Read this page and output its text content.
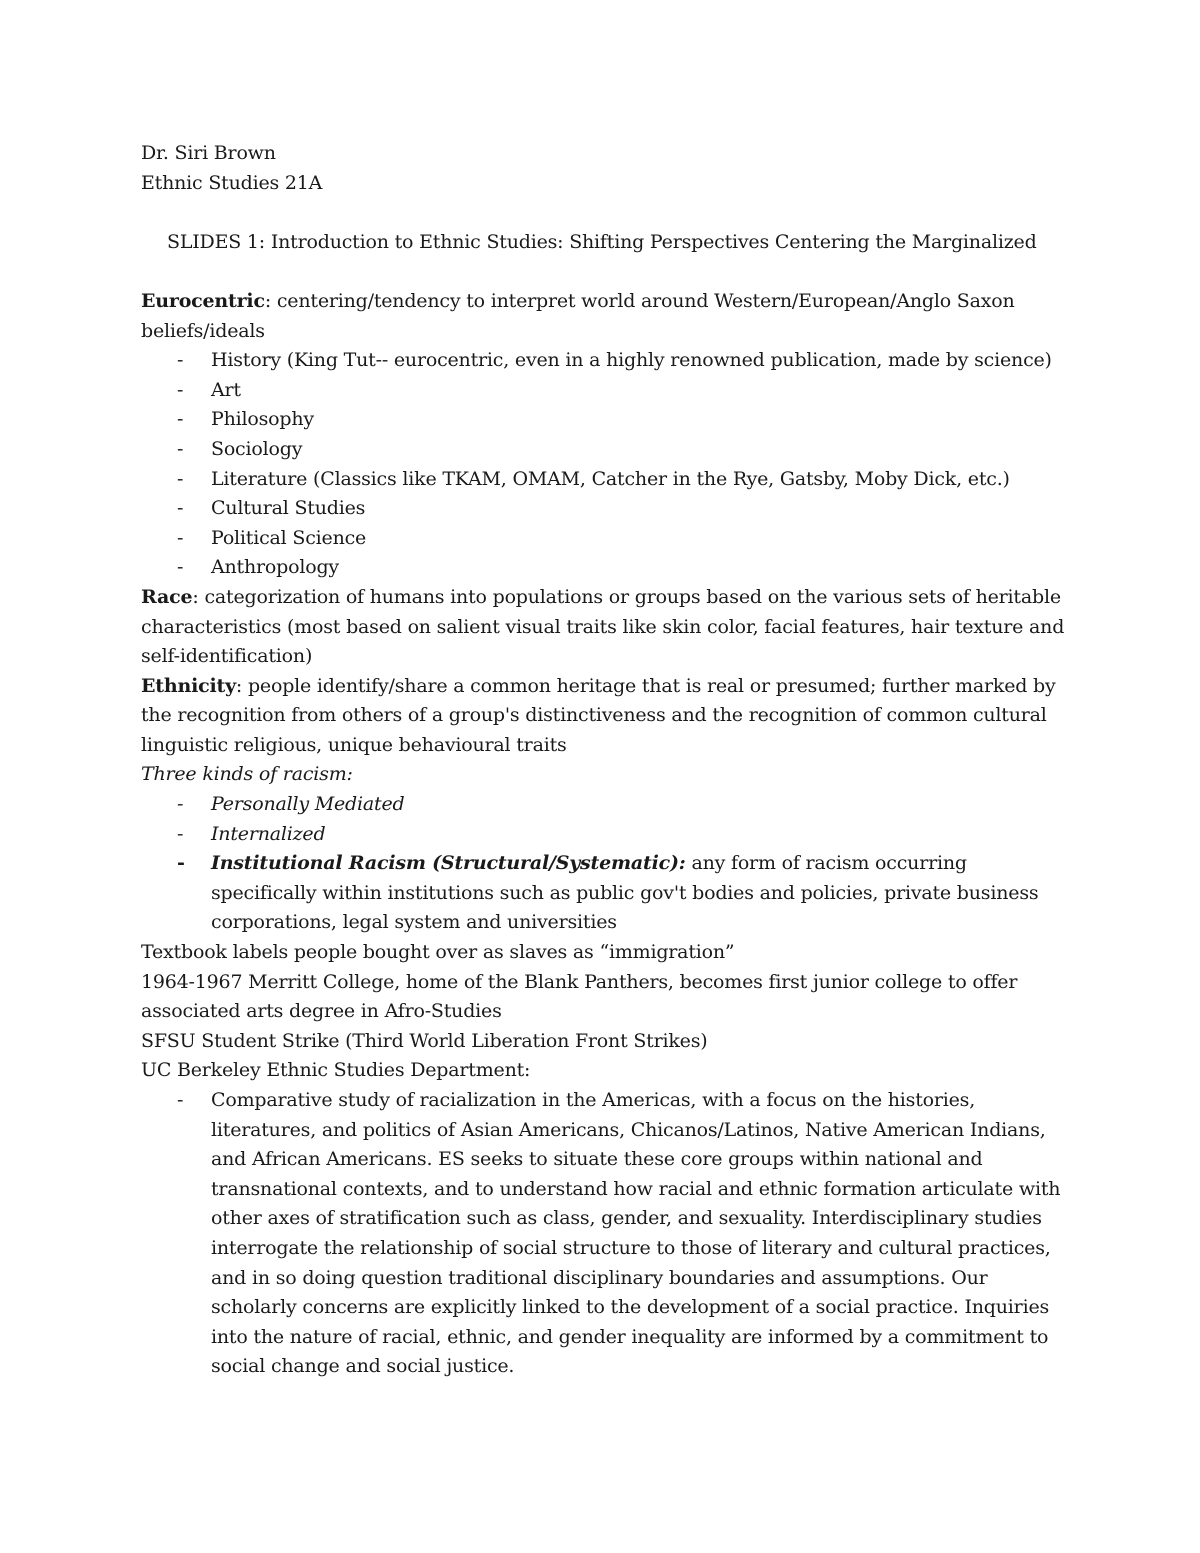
Dr. Siri Brown

Ethnic Studies 21A

SLIDES 1: Introduction to Ethnic Studies: Shifting Perspectives Centering the Marginalized

Eurocentric: centering/tendency to interpret world around Western/European/Anglo Saxon beliefs/ideals

- History (King Tut-- eurocentric, even in a highly renowned publication, made by science)
- Art
- Philosophy
- Sociology
- Literature (Classics like TKAM, OMAM, Catcher in the Rye, Gatsby, Moby Dick, etc.)
- Cultural Studies
- Political Science
- Anthropology

Race: categorization of humans into populations or groups based on the various sets of heritable characteristics (most based on salient visual traits like skin color, facial features, hair texture and self-identification)

Ethnicity: people identify/share a common heritage that is real or presumed; further marked by the recognition from others of a group's distinctiveness and the recognition of common cultural linguistic religious, unique behavioural traits

Three kinds of racism:

- Personally Mediated
- Internalized
- Institutional Racism (Structural/Systematic): any form of racism occurring specifically within institutions such as public gov't bodies and policies, private business corporations, legal system and universities

Textbook labels people bought over as slaves as “immigration”

1964-1967 Merritt College, home of the Blank Panthers, becomes first junior college to offer associated arts degree in Afro-Studies

SFSU Student Strike (Third World Liberation Front Strikes)

UC Berkeley Ethnic Studies Department:

- Comparative study of racialization in the Americas, with a focus on the histories, literatures, and politics of Asian Americans, Chicanos/Latinos, Native American Indians, and African Americans. ES seeks to situate these core groups within national and transnational contexts, and to understand how racial and ethnic formation articulate with other axes of stratification such as class, gender, and sexuality. Interdisciplinary studies interrogate the relationship of social structure to those of literary and cultural practices, and in so doing question traditional disciplinary boundaries and assumptions. Our scholarly concerns are explicitly linked to the development of a social practice. Inquiries into the nature of racial, ethnic, and gender inequality are informed by a commitment to social change and social justice.
